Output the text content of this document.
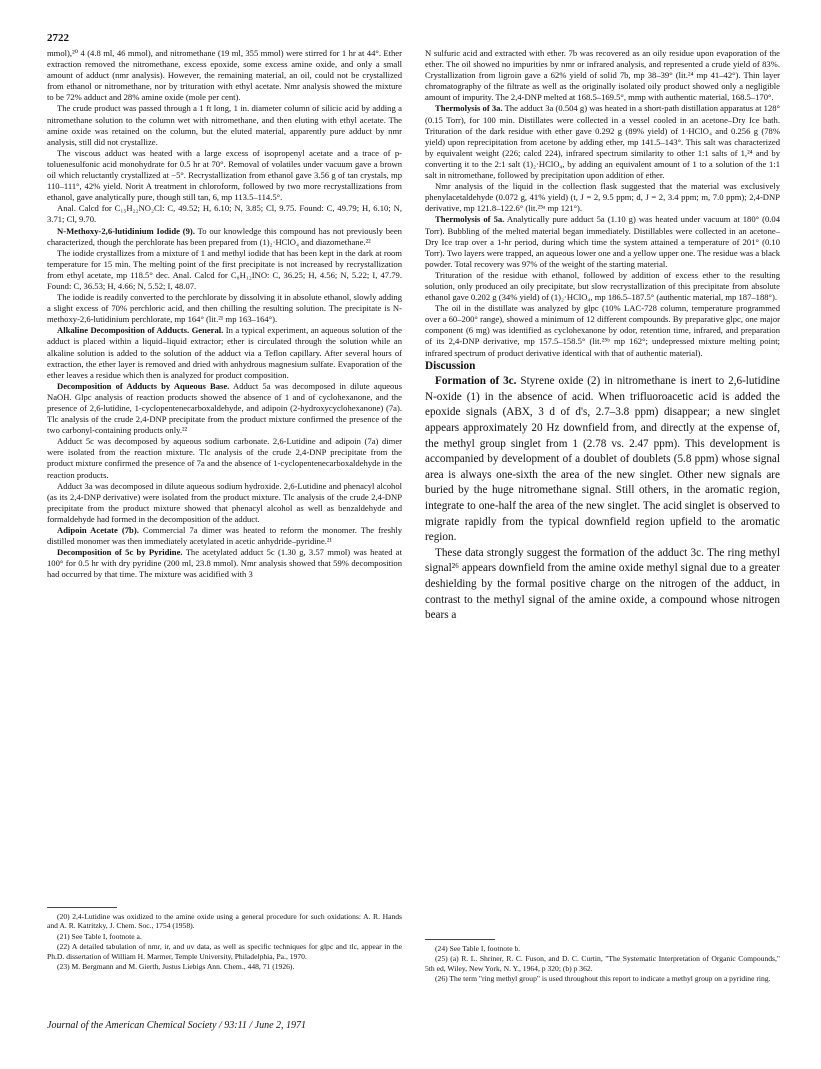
2722

mmol),²⁰ 4 (4.8 ml, 46 mmol), and nitromethane (19 ml, 355 mmol) were stirred for 1 hr at 44°. Ether extraction removed the nitromethane, excess epoxide, some excess amine oxide, and only a small amount of adduct (nmr analysis). However, the remaining material, an oil, could not be crystallized from ethanol or nitromethane, nor by trituration with ethyl acetate. Nmr analysis showed the mixture to be 72% adduct and 28% amine oxide (mole per cent).

The crude product was passed through a 1 ft long, 1 in. diameter column of silicic acid by adding a nitromethane solution to the column wet with nitromethane, and then eluting with ethyl acetate. The amine oxide was retained on the column, but the eluted material, apparently pure adduct by nmr analysis, still did not crystallize.

The viscous adduct was heated with a large excess of isopropenyl acetate and a trace of p-toluenesulfonic acid monohydrate for 0.5 hr at 70°. Removal of volatiles under vacuum gave a brown oil which reluctantly crystallized at −5°. Recrystallization from ethanol gave 3.56 g of tan crystals, mp 110–111°, 42% yield. Norit A treatment in chloroform, followed by two more recrystallizations from ethanol, gave analytically pure, though still tan, 6, mp 113.5–114.5°.

Anal. Calcd for C₁₅H₂₂NO₂Cl: C, 49.52; H, 6.10; N, 3.85; Cl, 9.75. Found: C, 49.79; H, 6.10; N, 3.71; Cl, 9.70.

N-Methoxy-2,6-lutidinium Iodide (9). To our knowledge this compound has not previously been characterized, though the perchlorate has been prepared from (1)₂·HClO₄ and diazomethane.²²

The iodide crystallizes from a mixture of 1 and methyl iodide that has been kept in the dark at room temperature for 15 min. The melting point of the first precipitate is not increased by recrystallization from ethyl acetate, mp 118.5° dec. Anal. Calcd for C₈H₁₂INO: C, 36.25; H, 4.56; N, 5.22; I, 47.79. Found: C, 36.53; H, 4.66; N, 5.52; I, 48.07.

The iodide is readily converted to the perchlorate by dissolving it in absolute ethanol, slowly adding a slight excess of 70% perchloric acid, and then chilling the resulting solution. The precipitate is N-methoxy-2,6-lutidinium perchlorate, mp 164° (lit.²¹ mp 163–164°).

Alkaline Decomposition of Adducts. General. In a typical experiment, an aqueous solution of the adduct is placed within a liquid–liquid extractor; ether is circulated through the solution while an alkaline solution is added to the solution of the adduct via a Teflon capillary. After several hours of extraction, the ether layer is removed and dried with anhydrous magnesium sulfate. Evaporation of the ether leaves a residue which then is analyzed for product composition.

Decomposition of Adducts by Aqueous Base. Adduct 5a was decomposed in dilute aqueous NaOH. Glpc analysis of reaction products showed the absence of 1 and of cyclohexanone, and the presence of 2,6-lutidine, 1-cyclopentenecarboxaldehyde, and adipoin (2-hydroxycyclohexanone) (7a). Tlc analysis of the crude 2,4-DNP precipitate from the product mixture confirmed the presence of the two carbonyl-containing products only.²²

Adduct 5c was decomposed by aqueous sodium carbonate. 2,6-Lutidine and adipoin (7a) dimer were isolated from the reaction mixture. Tlc analysis of the crude 2,4-DNP precipitate from the product mixture confirmed the presence of 7a and the absence of 1-cyclopentenecarboxaldehyde in the reaction products.

Adduct 3a was decomposed in dilute aqueous sodium hydroxide. 2,6-Lutidine and phenacyl alcohol (as its 2,4-DNP derivative) were isolated from the product mixture. Tlc analysis of the crude 2,4-DNP precipitate from the product mixture showed that phenacyl alcohol as well as benzaldehyde and formaldehyde had formed in the decomposition of the adduct.

Adipoin Acetate (7b). Commercial 7a dimer was heated to reform the monomer. The freshly distilled monomer was then immediately acetylated in acetic anhydride–pyridine.²¹

Decomposition of 5c by Pyridine. The acetylated adduct 5c (1.30 g, 3.57 mmol) was heated at 100° for 0.5 hr with dry pyridine (200 ml, 23.8 mmol). Nmr analysis showed that 59% decomposition had occurred by that time. The mixture was acidified with 3

N sulfuric acid and extracted with ether. 7b was recovered as an oily residue upon evaporation of the ether. The oil showed no impurities by nmr or infrared analysis, and represented a crude yield of 83%. Crystallization from ligroin gave a 62% yield of solid 7b, mp 38–39° (lit.²⁴ mp 41–42°). Thin layer chromatography of the filtrate as well as the originally isolated oily product showed only a negligible amount of impurity. The 2,4-DNP melted at 168.5–169.5°, mmp with authentic material, 168.5–170°.

Thermolysis of 3a. The adduct 3a (0.504 g) was heated in a short-path distillation apparatus at 128° (0.15 Torr), for 100 min. Distillates were collected in a vessel cooled in an acetone–Dry Ice bath. Trituration of the dark residue with ether gave 0.292 g (89% yield) of 1·HClO₄ and 0.256 g (78% yield) upon reprecipitation from acetone by adding ether, mp 141.5–143°. This salt was characterized by equivalent weight (226; calcd 224), infrared spectrum similarity to other 1:1 salts of 1,²⁴ and by converting it to the 2:1 salt (1)₂·HClO₄, by adding an equivalent amount of 1 to a solution of the 1:1 salt in nitromethane, followed by precipitation upon addition of ether.

Nmr analysis of the liquid in the collection flask suggested that the material was exclusively phenylacetaldehyde (0.072 g, 41% yield) (t, J = 2, 9.5 ppm; d, J = 2, 3.4 ppm; m, 7.0 ppm); 2,4-DNP derivative, mp 121.8–122.6° (lit.²⁵ᵃ mp 121°).

Thermolysis of 5a. Analytically pure adduct 5a (1.10 g) was heated under vacuum at 180° (0.04 Torr). Bubbling of the melted material began immediately. Distillables were collected in an acetone–Dry Ice trap over a 1-hr period, during which time the system attained a temperature of 201° (0.10 Torr). Two layers were trapped, an aqueous lower one and a yellow upper one. The residue was a black powder. Total recovery was 97% of the weight of the starting material.

Trituration of the residue with ethanol, followed by addition of excess ether to the resulting solution, only produced an oily precipitate, but slow recrystallization of this precipitate from absolute ethanol gave 0.202 g (34% yield) of (1)₂·HClO₄, mp 186.5–187.5° (authentic material, mp 187–188°).

The oil in the distillate was analyzed by glpc (10% LAC-728 column, temperature programmed over a 60–200° range), showed a minimum of 12 different compounds. By preparative glpc, one major component (6 mg) was identified as cyclohexanone by odor, retention time, infrared, and preparation of its 2,4-DNP derivative, mp 157.5–158.5° (lit.²⁵ᵇ mp 162°; undepressed mixture melting point; infrared spectrum of product derivative identical with that of authentic material).

Discussion

Formation of 3c. Styrene oxide (2) in nitromethane is inert to 2,6-lutidine N-oxide (1) in the absence of acid. When trifluoroacetic acid is added the epoxide signals (ABX, 3 d of d's, 2.7–3.8 ppm) disappear; a new singlet appears approximately 20 Hz downfield from, and directly at the expense of, the methyl group singlet from 1 (2.78 vs. 2.47 ppm). This development is accompanied by development of a doublet of doublets (5.8 ppm) whose signal area is always one-sixth the area of the new singlet. Other new signals are buried by the huge nitromethane signal. Still others, in the aromatic region, integrate to one-half the area of the new singlet. The acid singlet is observed to migrate rapidly from the typical downfield region upfield to the aromatic region.

These data strongly suggest the formation of the adduct 3c. The ring methyl signal²⁶ appears downfield from the amine oxide methyl signal due to a greater deshielding by the formal positive charge on the nitrogen of the adduct, in contrast to the methyl signal of the amine oxide, a compound whose nitrogen bears a

(20) 2,4-Lutidine was oxidized to the amine oxide using a general procedure for such oxidations: A. R. Hands and A. R. Katritzky, J. Chem. Soc., 1754 (1958).

(21) See Table I, footnote a.

(22) A detailed tabulation of nmr, ir, and uv data, as well as specific techniques for glpc and tlc, appear in the Ph.D. dissertation of William H. Marmer, Temple University, Philadelphia, Pa., 1970.

(23) M. Bergmann and M. Gierth, Justus Liebigs Ann. Chem., 448, 71 (1926).

(24) See Table I, footnote b.

(25) (a) R. L. Shriner, R. C. Fuson, and D. C. Curtin, "The Systematic Interpretation of Organic Compounds," 5th ed, Wiley, New York, N. Y., 1964, p 320; (b) p 362.

(26) The term "ring methyl group" is used throughout this report to indicate a methyl group on a pyridine ring.

Journal of the American Chemical Society / 93:11 / June 2, 1971
